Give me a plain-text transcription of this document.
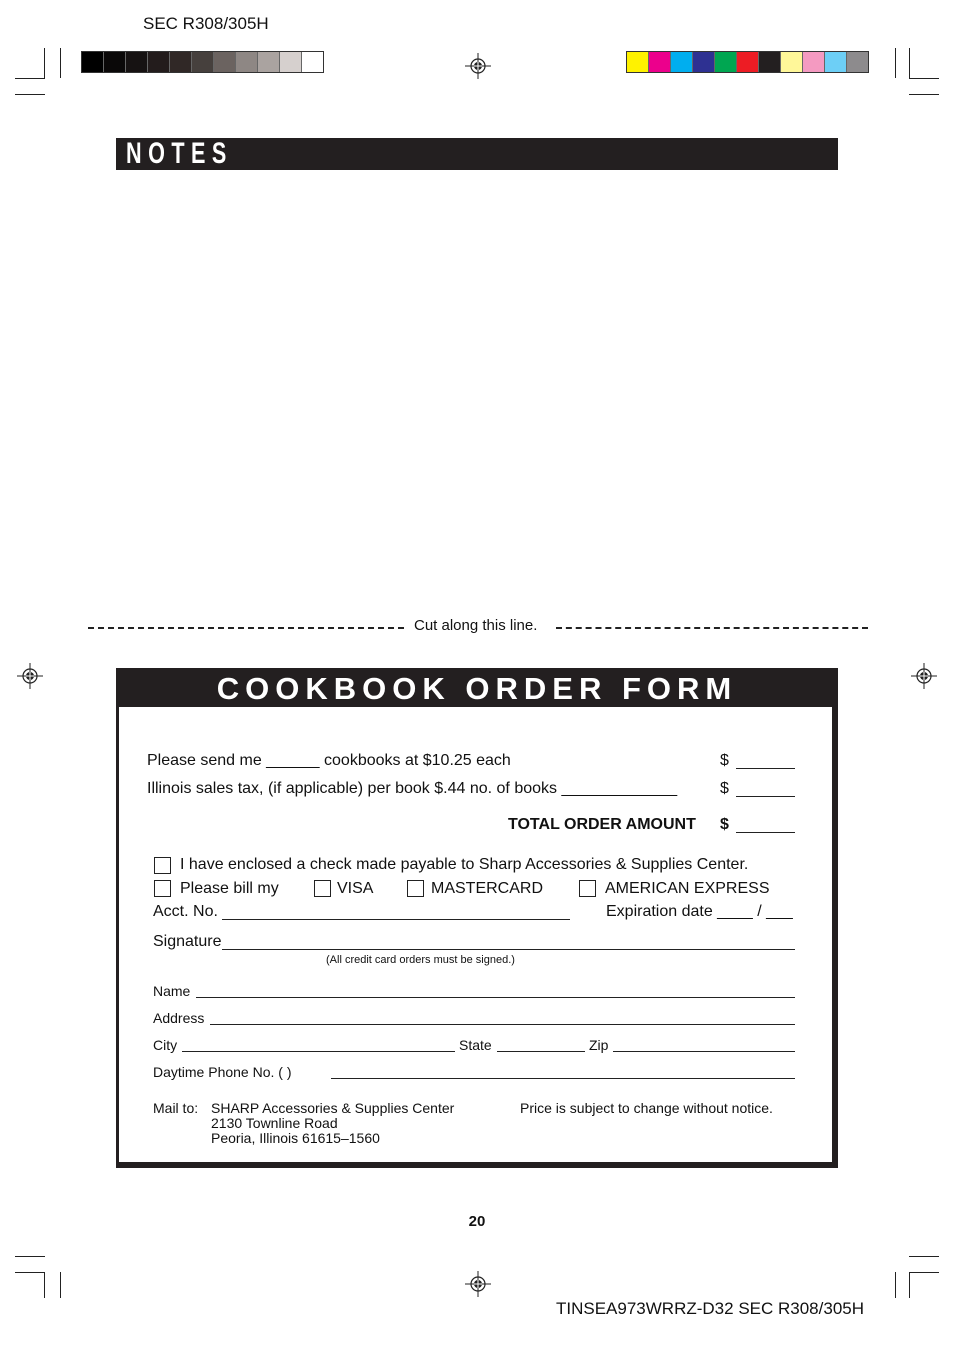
SEC R308/305H
TINSEA973WRRZ-D32 SEC R308/305H
20
NOTES
Cut along this line.
COOKBOOK ORDER FORM
Please send me ______ cookbooks at $10.25 each	$
Illinois sales tax, (if applicable) per book $.44 no. of books _____________	$
TOTAL ORDER AMOUNT $
I have enclosed a check made payable to Sharp Accessories & Supplies Center.
Please bill my	VISA	MASTERCARD	AMERICAN EXPRESS
Acct. No.	Expiration date ____ / ___
Signature
(All credit card orders must be signed.)
Name
Address
City	State	Zip
Daytime Phone No. ( )
Mail to: SHARP Accessories & Supplies Center
2130 Townline Road
Peoria, Illinois 61615–1560
Price is subject to change without notice.
